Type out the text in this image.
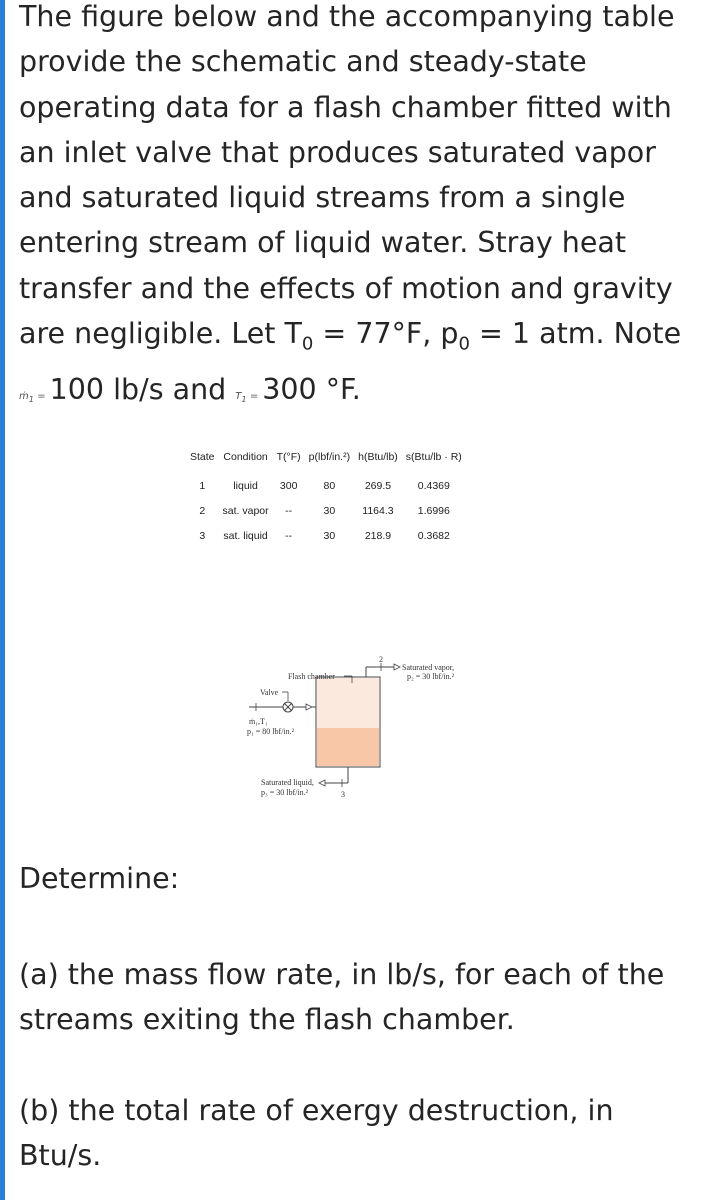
The figure below and the accompanying table provide the schematic and steady-state operating data for a flash chamber fitted with an inlet valve that produces saturated vapor and saturated liquid streams from a single entering stream of liquid water. Stray heat transfer and the effects of motion and gravity are negligible. Let $T_0 = 77^\circ F$, $p_0 = 1$ atm. Note
ṁ$_1$ = 100 lb/s and $T_1 = 300$ °F.
State	Condition	T(°F)	p(lbf/in.²)	h(Btu/lb)	s(Btu/lb · R)
1	liquid	300	80	269.5	0.4369
2	sat. vapor	--	30	1164.3	1.6996
3	sat. liquid	--	30	218.9	0.3682
Flash chamber
2
Saturated vapor,
p₂ = 30 lbf/in.²
Valve
ṁ₁,T₁
p₁ = 80 lbf/in.²
3
Saturated liquid,
p₃ = 30 lbf/in.²
Determine:
(a) the mass flow rate, in lb/s, for each of the streams exiting the flash chamber.
(b) the total rate of exergy destruction, in Btu/s.
